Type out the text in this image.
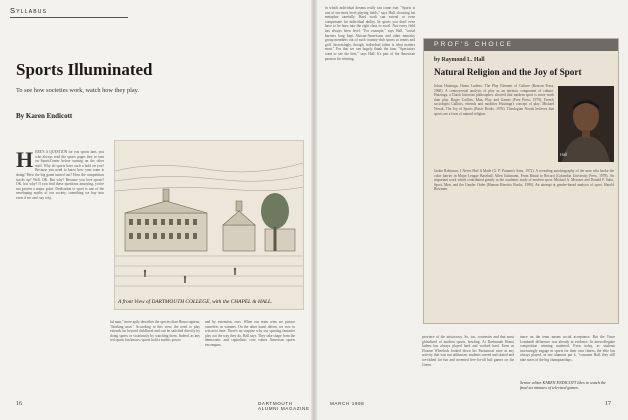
Syllabus
Sports Illuminated
To see how societies work, watch how they play.
By Karen Endicott
HERE'S A QUESTION for you sports fans, you who always read the sports pages first or turn on SportsCenter before turning on the other stuff. Why do sports have such a hold on you? Because you need to know how your team is doing? How the big game turned out? How the competition stacks up? Well, OK. But why? Because you love sports? OK, but why? If you find these questions annoying, you're not proven a major point. Dedication to sport is one of the enveloping myths of our society, something we buy into even if we can't say why.
A front View of DARTMOUTH COLLEGE, with the CHAPEL & HALL.
ful man," more aptly describes the species than Homo sapiens, "thinking man." According to this view, the need to play extends far beyond childhood and can be satisfied directly by doing sports or vicariously by watching them. Indeed, as any red sports fan knows, sports hold a mythic power.
and by extension, ours. When our team wins we picture ourselves as winners. On the other hand, defeat, we vow to win next time. There's no surprise why our sporting fantasies play out the way they do, Hall says. They take shape from the democratic and capitalistic core values American sports encompass.
16	DARTMOUTH ALUMNI MAGAZINE
in which individual dreams really can come true. "Sports is one of our most level playing fields," says Hall, choosing his metaphor carefully. Hard work can extend or even compensate for individual ability. In sports you don't even have to be born into the right class to excel. Not every field has always been level. "For example," says Hall, "social barriers long kept African-Americans and other minority group members out of such country-club sports as tennis and golf. Increasingly, though, individual talent is what matters most." For that we can hugely thank the fans. "Spectators want to see the best," says Hall. It's part of the American passion for winning.
PROF'S CHOICE
by Raymond L. Hall
Natural Religion and the Joy of Sport
Johan Huizinga, Homo Ludens: The Play Element of Culture (Beacon Press, 1960). A controversial analysis of play as an intrinsic component of culture. Huizinga, a Dutch historian philosopher, showed that modern sport is more work than play. Roger Caillois, Man, Play and Games (Free Press, 1979). French sociologist Caillois, extends and modifies Huizinga's concept of play. Michael Novak, The Joy of Sports (Basic Books, 1976). Theologian Novak believes that sports are a form of natural religion.
Hall
Jackie Robinson, I Never Had It Made (G. P. Putnam's Sons, 1972). A revealing autobiography of the man who broke the color barrier in Major League Baseball. Allen Guttmann, From Ritual to Record (Columbia University Press, 1978). An important work which contributed greatly to the academic study of modern sport. Michael A. Messner and Donald F. Sabo, Sport, Men, and the Gender Order (Human Kinetics Books, 1990). An attempt at gender-based analysis of sport, Harold Bowman.
province of the aristocracy. So, too, courtesies and that most globalized of modern sports, bowling. At Dartmouth Homo ludens has always played hard and worked hard. Even as Eleazar Wheelock looked down his Puritanical nose at any activity that was not utilitarian, students carved and skated and ice-fished for fun and invented free-for-all ball games on the Green.
tance on the team means social acceptance. But the Vince Lombardi difference was already in evidence. In intercollegiate competition winning mattered. Even today, as students increasingly engage in sports for their own fitness, the elite has always played, as one alumnus put it, "consume Hall, they still take notes of the big championships.
Senior editor KAREN ENDICOTT likes to watch the final six minutes of televised games.
MARCH 1998	17
